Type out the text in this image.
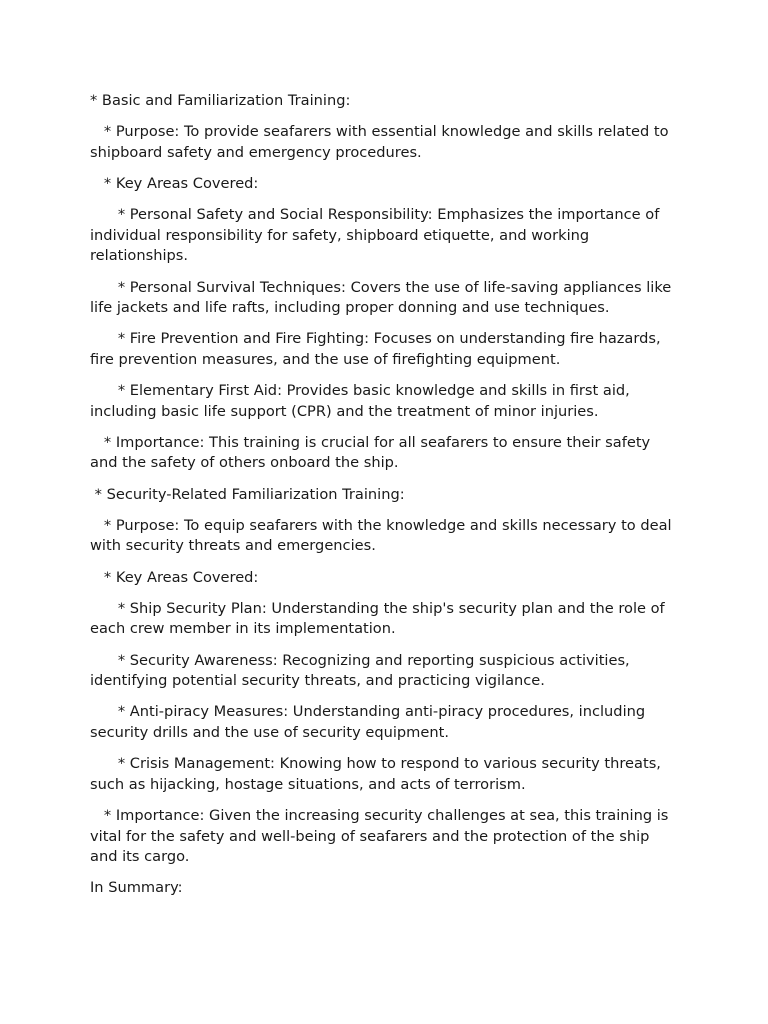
* Basic and Familiarization Training:

* Purpose: To provide seafarers with essential knowledge and skills related to shipboard safety and emergency procedures.

* Key Areas Covered:

* Personal Safety and Social Responsibility: Emphasizes the importance of individual responsibility for safety, shipboard etiquette, and working relationships.

* Personal Survival Techniques: Covers the use of life-saving appliances like life jackets and life rafts, including proper donning and use techniques.

* Fire Prevention and Fire Fighting: Focuses on understanding fire hazards, fire prevention measures, and the use of firefighting equipment.

* Elementary First Aid: Provides basic knowledge and skills in first aid, including basic life support (CPR) and the treatment of minor injuries.

* Importance: This training is crucial for all seafarers to ensure their safety and the safety of others onboard the ship.

* Security-Related Familiarization Training:

* Purpose: To equip seafarers with the knowledge and skills necessary to deal with security threats and emergencies.

* Key Areas Covered:

* Ship Security Plan: Understanding the ship's security plan and the role of each crew member in its implementation.

* Security Awareness: Recognizing and reporting suspicious activities, identifying potential security threats, and practicing vigilance.

* Anti-piracy Measures: Understanding anti-piracy procedures, including security drills and the use of security equipment.

* Crisis Management: Knowing how to respond to various security threats, such as hijacking, hostage situations, and acts of terrorism.

* Importance: Given the increasing security challenges at sea, this training is vital for the safety and well-being of seafarers and the protection of the ship and its cargo.

In Summary:
